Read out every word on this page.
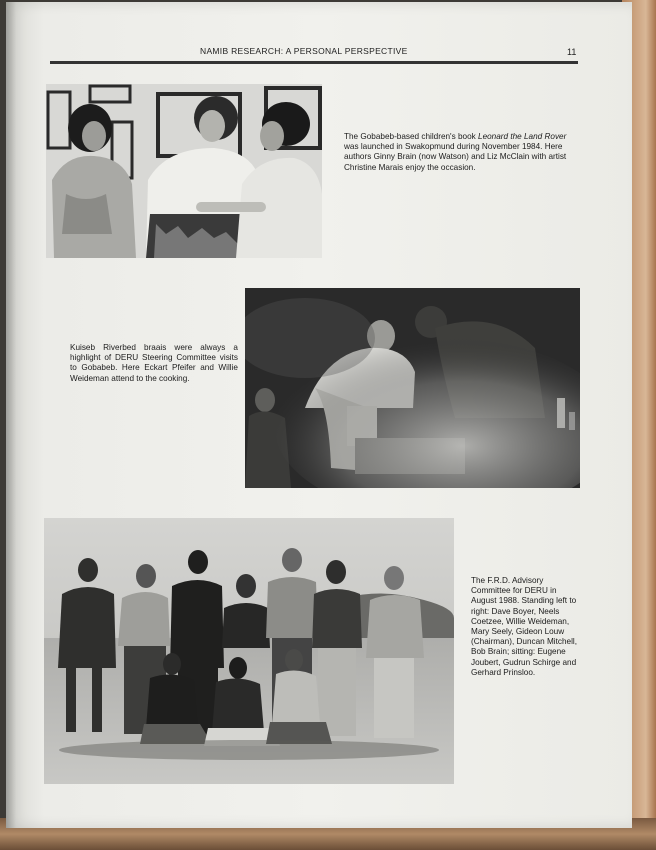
NAMIB RESEARCH: A PERSONAL PERSPECTIVE	11
The Gobabeb-based children's book Leonard the Land Rover was launched in Swakopmund during November 1984. Here authors Ginny Brain (now Watson) and Liz McClain with artist Christine Marais enjoy the occasion.
Kuiseb Riverbed braais were always a highlight of DERU Steering Committee visits to Gobabeb. Here Eckart Pfeifer and Willie Weideman attend to the cooking.
The F.R.D. Advisory Committee for DERU in August 1988. Standing left to right: Dave Boyer, Neels Coetzee, Willie Weideman, Mary Seely, Gideon Louw (Chairman), Duncan Mitchell, Bob Brain; sitting: Eugene Joubert, Gudrun Schirge and Gerhard Prinsloo.
